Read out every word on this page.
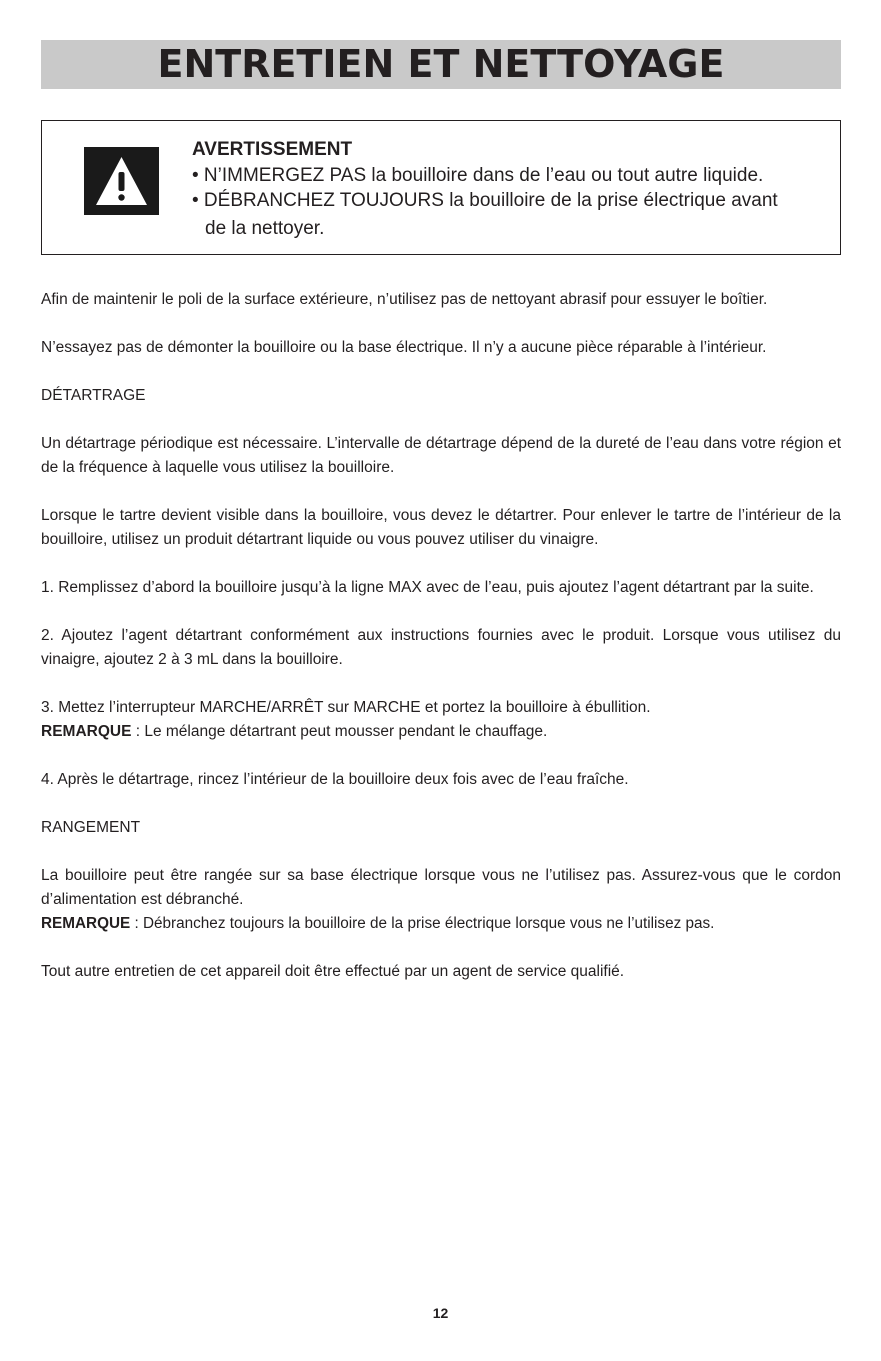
ENTRETIEN ET NETTOYAGE
AVERTISSEMENT
• N’IMMERGEZ PAS la bouilloire dans de l’eau ou tout autre liquide.
• DÉBRANCHEZ TOUJOURS la bouilloire de la prise électrique avant
de la nettoyer.

Afin de maintenir le poli de la surface extérieure, n’utilisez pas de nettoyant abrasif pour essuyer le boîtier.

N’essayez pas de démonter la bouilloire ou la base électrique. Il n’y a aucune pièce réparable à l’intérieur.

DÉTARTRAGE

Un détartrage périodique est nécessaire. L’intervalle de détartrage dépend de la dureté de l’eau dans votre région et de la fréquence à laquelle vous utilisez la bouilloire.

Lorsque le tartre devient visible dans la bouilloire, vous devez le détartrer. Pour enlever le tartre de l’intérieur de la bouilloire, utilisez un produit détartrant liquide ou vous pouvez utiliser du vinaigre.

1. Remplissez d’abord la bouilloire jusqu’à la ligne MAX avec de l’eau, puis ajoutez l’agent détartrant par la suite.

2. Ajoutez l’agent détartrant conformément aux instructions fournies avec le produit. Lorsque vous utilisez du vinaigre, ajoutez 2 à 3 mL dans la bouilloire.

3. Mettez l’interrupteur MARCHE/ARRÊT sur MARCHE et portez la bouilloire à ébullition.

REMARQUE : Le mélange détartrant peut mousser pendant le chauffage.

4. Après le détartrage, rincez l’intérieur de la bouilloire deux fois avec de l’eau fraîche.

RANGEMENT

La bouilloire peut être rangée sur sa base électrique lorsque vous ne l’utilisez pas. Assurez-vous que le cordon d’alimentation est débranché.

REMARQUE : Débranchez toujours la bouilloire de la prise électrique lorsque vous ne l’utilisez pas.

Tout autre entretien de cet appareil doit être effectué par un agent de service qualifié.

12
